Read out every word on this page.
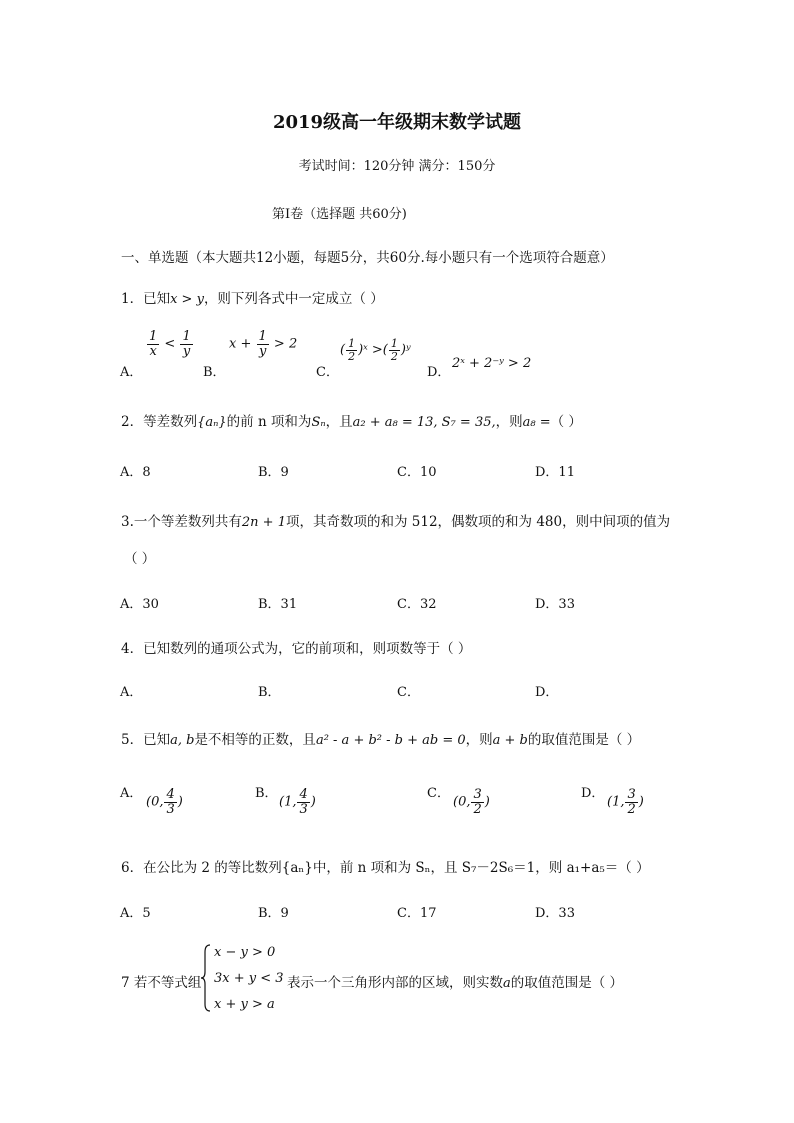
2019级高一年级期末数学试题
考试时间：120分钟 满分：150分
第I卷（选择题 共60分)
一、单选题（本大题共12小题，每题5分，共60分.每小题只有一个选项符合题意）
1．已知x > y，则下列各式中一定成立（ ）
A．
$\frac{1}{x} < \frac{1}{y}$
B．
$x + \frac{1}{y} > 2$
C．
( $\frac{1}{2}$ )ˣ >( $\frac{1}{2}$ )ʸ
D．
2ˣ + 2⁻ʸ > 2
2．等差数列{aₙ}的前 n 项和为Sₙ，且a₂ + a₈ = 13, S₇ = 35,，则a₈ =（ ）
A．8	B．9	C．10	D．11
3.一个等差数列共有2n + 1项，其奇数项的和为 512，偶数项的和为 480，则中间项的值为
（ ）
A．30	B．31	C．32	D．33
4．已知数列的通项公式为，它的前项和，则项数等于（ ）
A．	B．	C．	D．
5．已知a, b是不相等的正数，且a² - a + b² - b + ab = 0，则a + b的取值范围是（ ）
A．
(0, $\frac{4}{3}$ )
B．
(1, $\frac{4}{3}$ )
C．
(0, $\frac{3}{2}$ )
D．
(1, $\frac{3}{2}$ )
6．在公比为 2 的等比数列{aₙ}中，前 n 项和为 Sₙ，且 S₇－2S₆＝1，则 a₁+a₅＝（ ）
A．5	B．9	C．17	D．33
7 若不等式组
x − y > 0
3x + y < 3
x + y > a
表示一个三角形内部的区域，则实数a的取值范围是（ ）
